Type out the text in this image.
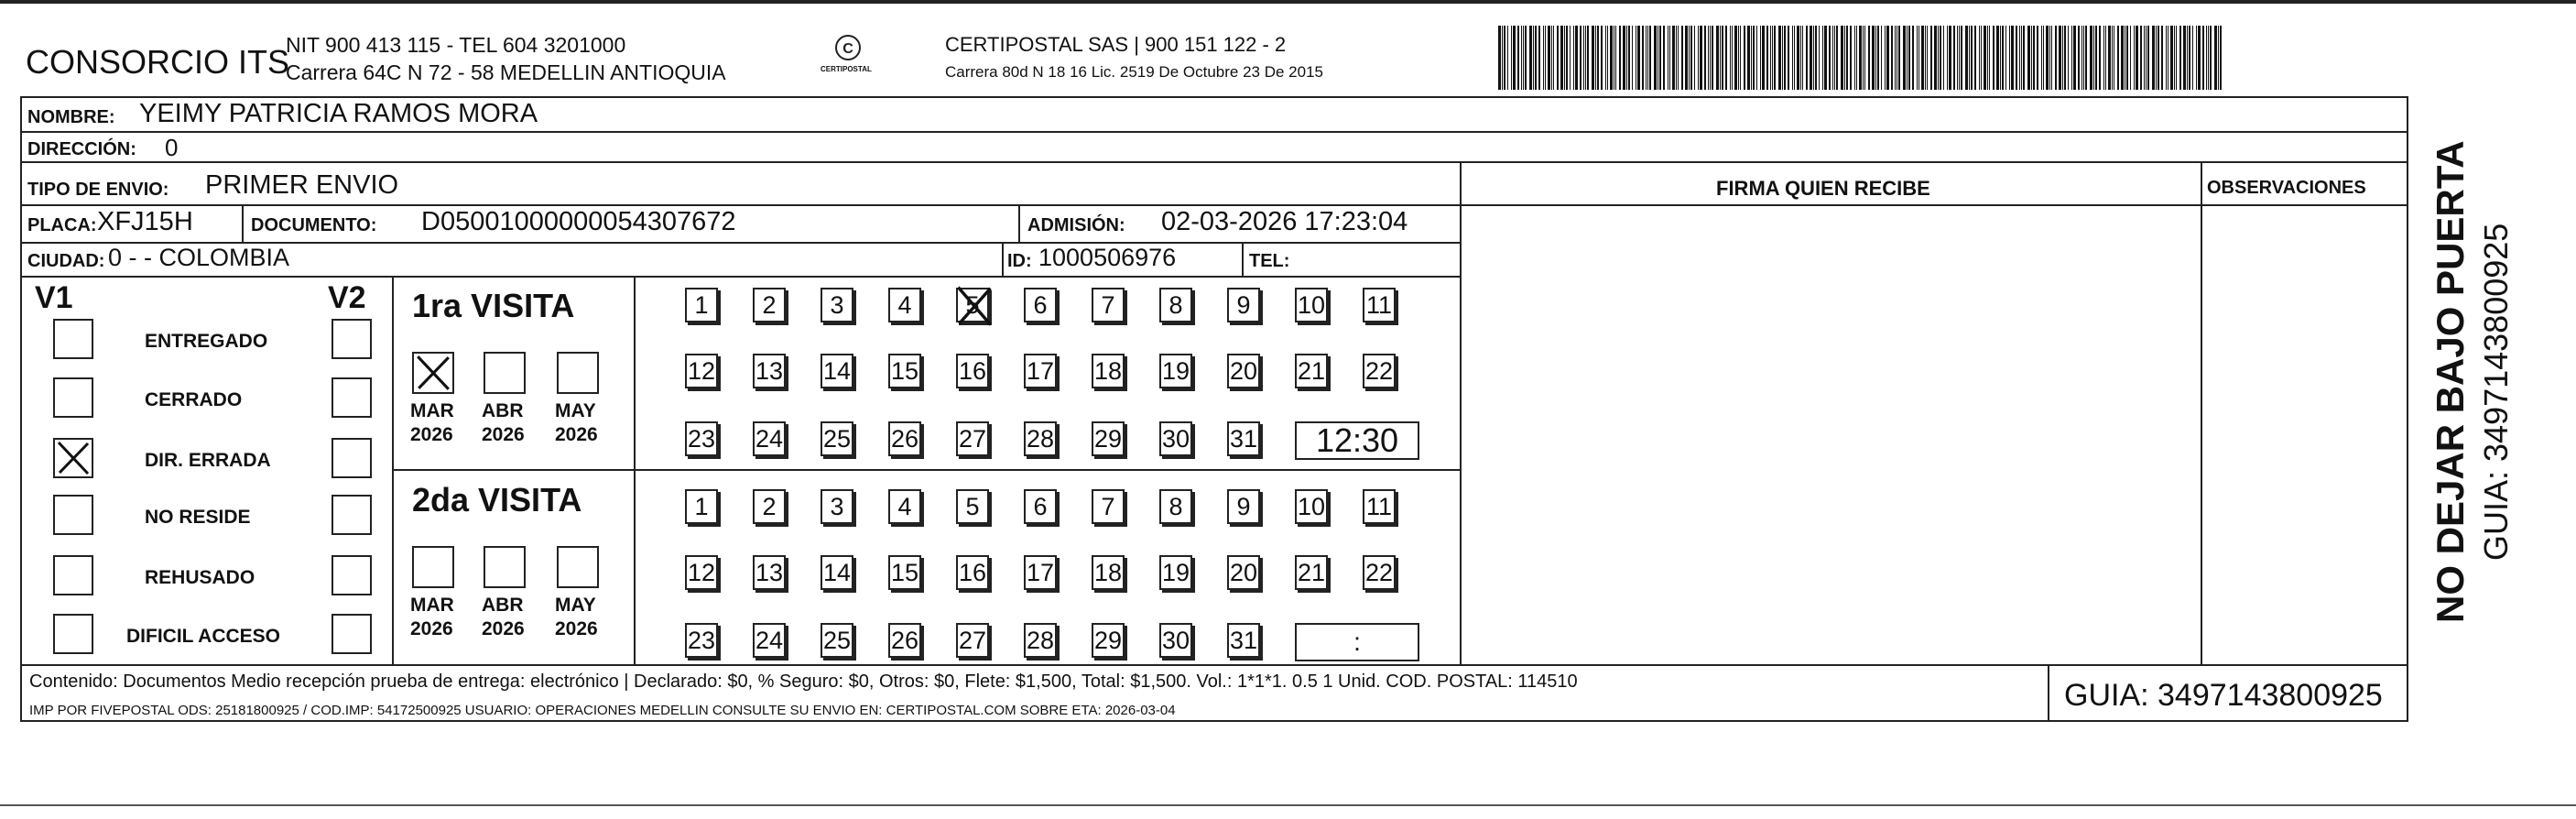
CONSORCIO ITS
NIT 900 413 115 - TEL 604 3201000
Carrera 64C N 72 - 58 MEDELLIN ANTIOQUIA
C
CERTIPOSTAL
CERTIPOSTAL SAS | 900 151 122 - 2
Carrera 80d N 18 16 Lic. 2519 De Octubre 23 De 2015
NOMBRE: YEIMY PATRICIA RAMOS MORA
DIRECCIÓN: 0
TIPO DE ENVIO: PRIMER ENVIO	FIRMA QUIEN RECIBE	OBSERVACIONES
PLACA: XFJ15H	DOCUMENTO: D05001000000054307672	ADMISIÓN: 02-03-2026 17:23:04
CIUDAD: 0 - - COLOMBIA	ID: 1000506976	TEL:
V1	V2
ENTREGADO
CERRADO
DIR. ERRADA
NO RESIDE
REHUSADO
DIFICIL ACCESO
1ra VISITA
2da VISITA
MAR
2026
ABR
2026
MAY
2026
1	2	3	4	5	6	7	8	9	10 11
12 13 14 15 16 17 18 19 20 21 22
23 24 25 26 27 28 29 30 31	12:30
MAR
2026
ABR
2026
MAY
2026
1	2	3	4	5	6	7	8	9	10 11
12 13 14 15 16 17 18 19 20 21 22
23 24 25 26 27 28 29 30 31	:
Contenido: Documentos Medio recepción prueba de entrega: electrónico | Declarado: $0, % Seguro: $0, Otros: $0, Flete: $1,500, Total: $1,500. Vol.: 1*1*1. 0.5 1 Unid. COD. POSTAL: 114510
IMP POR FIVEPOSTAL ODS: 25181800925 / COD.IMP: 54172500925 USUARIO: OPERACIONES MEDELLIN CONSULTE SU ENVIO EN: CERTIPOSTAL.COM SOBRE ETA: 2026-03-04	GUIA: 3497143800925
NO DEJAR BAJO PUERTA GUIA: 3497143800925
